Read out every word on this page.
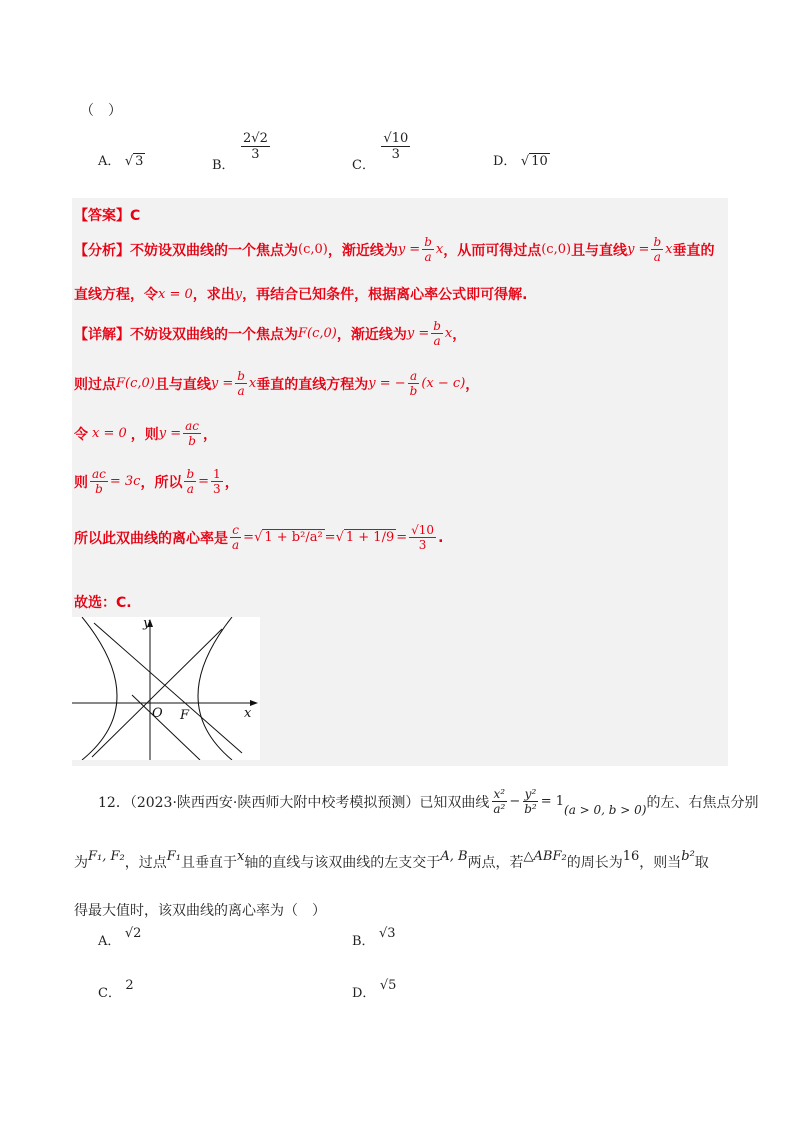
（　）
A． √ 3	B．
$\frac{2√2}{3}$
C．
$\frac{√10}{3}$
D． √ 10
【答案】C
【分析】不妨设双曲线的一个焦点为 (c,0) ，渐近线为 $y = \frac{b}{a}$ x ，从而可得过点 (c,0) 且与直线 $y = \frac{b}{a}$ x 垂直的
直线方程，令 x = 0 ，求出 y ，再结合已知条件，根据离心率公式即可得解.
【详解】不妨设双曲线的一个焦点为 F(c,0) ，渐近线为 $y = \frac{b}{a}$ x ，
则过点 F(c,0) 且与直线 $y = \frac{b}{a}$ x 垂直的直线方程为 y = − $\frac{a}{b} (x - c)$ ，
令 x = 0 ，则 $y = \frac{ac}{b}$ ，
则 $\frac{ac}{b} = 3c$ ，所以 $\frac{b}{a} = \frac{1}{3}$ ，
所以此双曲线的离心率是 $\frac{c}{a}$ = √ 1 + b²/a² = √ $1 + 1/9 = \frac{√10}{3}$ .
故选：C.
y
x
O F
12．（2023·陕西西安·陕西师大附中校考模拟预测）已知双曲线 $\frac{\text{x²}}{\text{a²}} - \frac{\text{y²}}{\text{b²}} = 1$
(a > 0, b > 0) 的左、右焦点分别
为 F₁, F₂ ，过点 F₁ 且垂直于 x 轴的直线与该双曲线的左支交于 A, B 两点，若 △ABF₂ 的周长为 16 ，则当 b² 取
得最大值时，该双曲线的离心率为（　）
A． √2
B． √3
C． 2
D． √5
